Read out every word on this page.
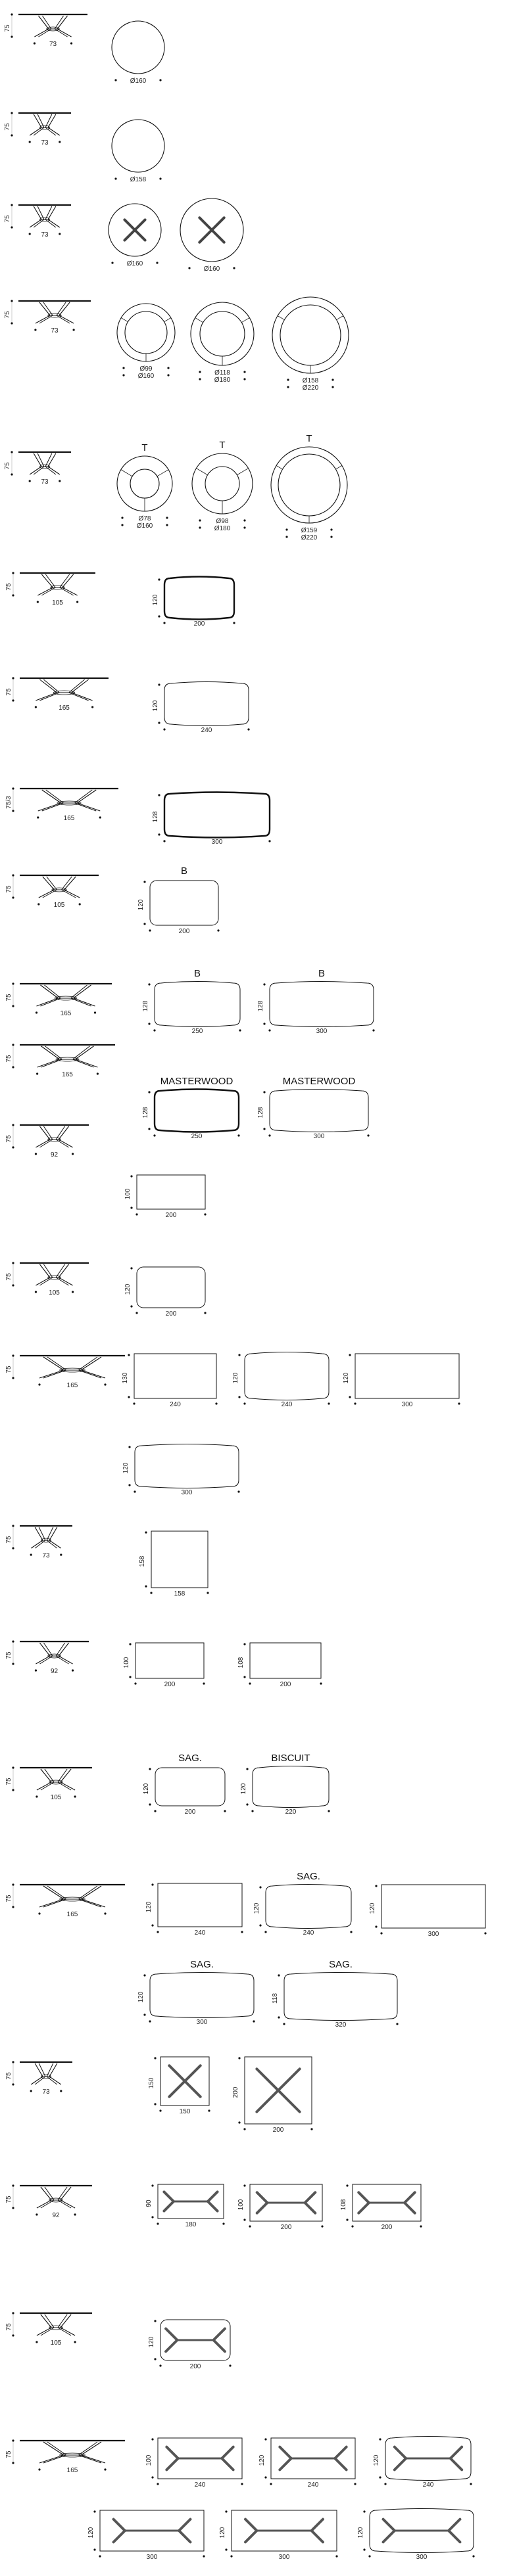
75
73
Ø160
75
73
Ø158
75
73
Ø160
Ø160
75
73
Ø99
Ø160	Ø118
Ø180	Ø158
Ø220
75
73
T
Ø78
Ø160
T
Ø98
Ø180
T
Ø159
Ø220
75
105	120
200
75
165	120
240
75/3
165	128
300
75
105
B
120
200
75
165
B
128
250
B
128
300
75
165
MASTERWOOD
128
250
MASTERWOOD
128
300
75
92
100
200
75
105	120
200
75
165
130
240
120
240
120
300
120
300
75
73
158
158
75
92
100
200
108
200
75
105
SAG.
120
200
BISCUIT
120
220
75
165
120
240
SAG.
120
240
120
300
SAG.
120
300
SAG.
118
320
75
73
150
150
200
200
75
92
90
180
100
200
108
200
75
105	120
200
75
165
100
240
120
240
120
240
120
300
120
300
120
300
